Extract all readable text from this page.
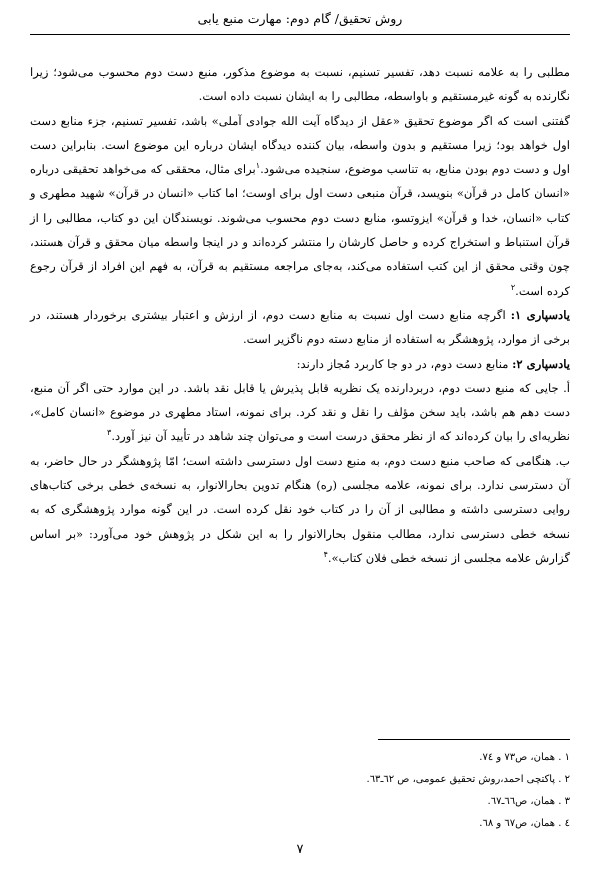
روش تحقیق/ گام دوم: مهارت منبع یابی

مطلبی را به علامه نسبت دهد، تفسیر تسنیم، نسبت به موضوع مذکور، منبع دست دوم محسوب می‌شود؛ زیرا نگارنده به گونه غیرمستقیم و باواسطه، مطالبی را به ایشان نسبت داده است.

گفتنی است که اگر موضوع تحقیق «عقل از دیدگاه آیت الله جوادی آملی» باشد، تفسیر تسنیم، جزء منابع دست اول خواهد بود؛ زیرا مستقیم و بدون واسطه، بیان کننده دیدگاه ایشان درباره این موضوع است. بنابراین دست اول و دست دوم بودن منابع، به تناسب موضوع، سنجیده می‌شود.$^۱$برای مثال، محققی که می‌خواهد تحقیقی درباره «انسان کامل در قرآن» بنویسد، قرآن منبعی دست اول برای اوست؛ اما کتاب «انسان در قرآن» شهید مطهری و کتاب «انسان، خدا و قرآن» ایزوتسو، منابع دست دوم محسوب می‌شوند. نویسندگان این دو کتاب، مطالبی را از قرآن استنباط و استخراج کرده و حاصل کارشان را منتشر کرده‌اند و در اینجا واسطه میان محقق و قرآن هستند، چون وقتی محقق از این کتب استفاده می‌کند، به‌جای مراجعه مستقیم به قرآن، به فهم این افراد از قرآن رجوع کرده است.$^۲$

یادسپاری ۱: اگرچه منابع دست اول نسبت به منابع دست دوم، از ارزش و اعتبار بیشتری برخوردار هستند، در برخی از موارد، پژوهشگر به استفاده از منابع دسته دوم ناگزیر است.

یادسپاری ۲: منابع دست دوم، در دو جا کاربرد مُجاز دارند:

أ. جایی که منبع دست دوم، دربردارنده یک نظریه قابل پذیرش یا قابل نقد باشد. در این موارد حتی اگر آن منبع، دست دهم هم باشد، باید سخن مؤلف را نقل و نقد کرد. برای نمونه، استاد مطهری در موضوع «انسان کامل»، نظریه‌ای را بیان کرده‌اند که از نظر محقق درست است و می‌توان چند شاهد در تأیید آن نیز آورد.$^۳$

ب. هنگامی که صاحب منبع دست دوم، به منبع دست اول دسترسی داشته است؛ امّا پژوهشگر در حال حاضر، به آن دسترسی ندارد. برای نمونه، علامه مجلسی (ره) هنگام تدوین بحارالانوار، به نسخه‌ی خطی برخی کتاب‌های روایی دسترسی داشته و مطالبی از آن را در کتاب خود نقل کرده است. در این گونه موارد پژوهشگری که به نسخه خطی دسترسی ندارد، مطالب منقول بحارالانوار را به این شکل در پژوهش خود می‌آورد: «بر اساس گزارش علامه مجلسی از نسخه خطی فلان کتاب».$^۴$

۱ . همان، ص۷۳ و ۷٤.
۲ . پاکتچی احمد،روش تحقیق عمومی، ص ٦۲ـ٦۳.
۳ . همان، ص٦٦ـ٦۷.
٤ . همان، ص٦۷ و ٦۸.
۷
